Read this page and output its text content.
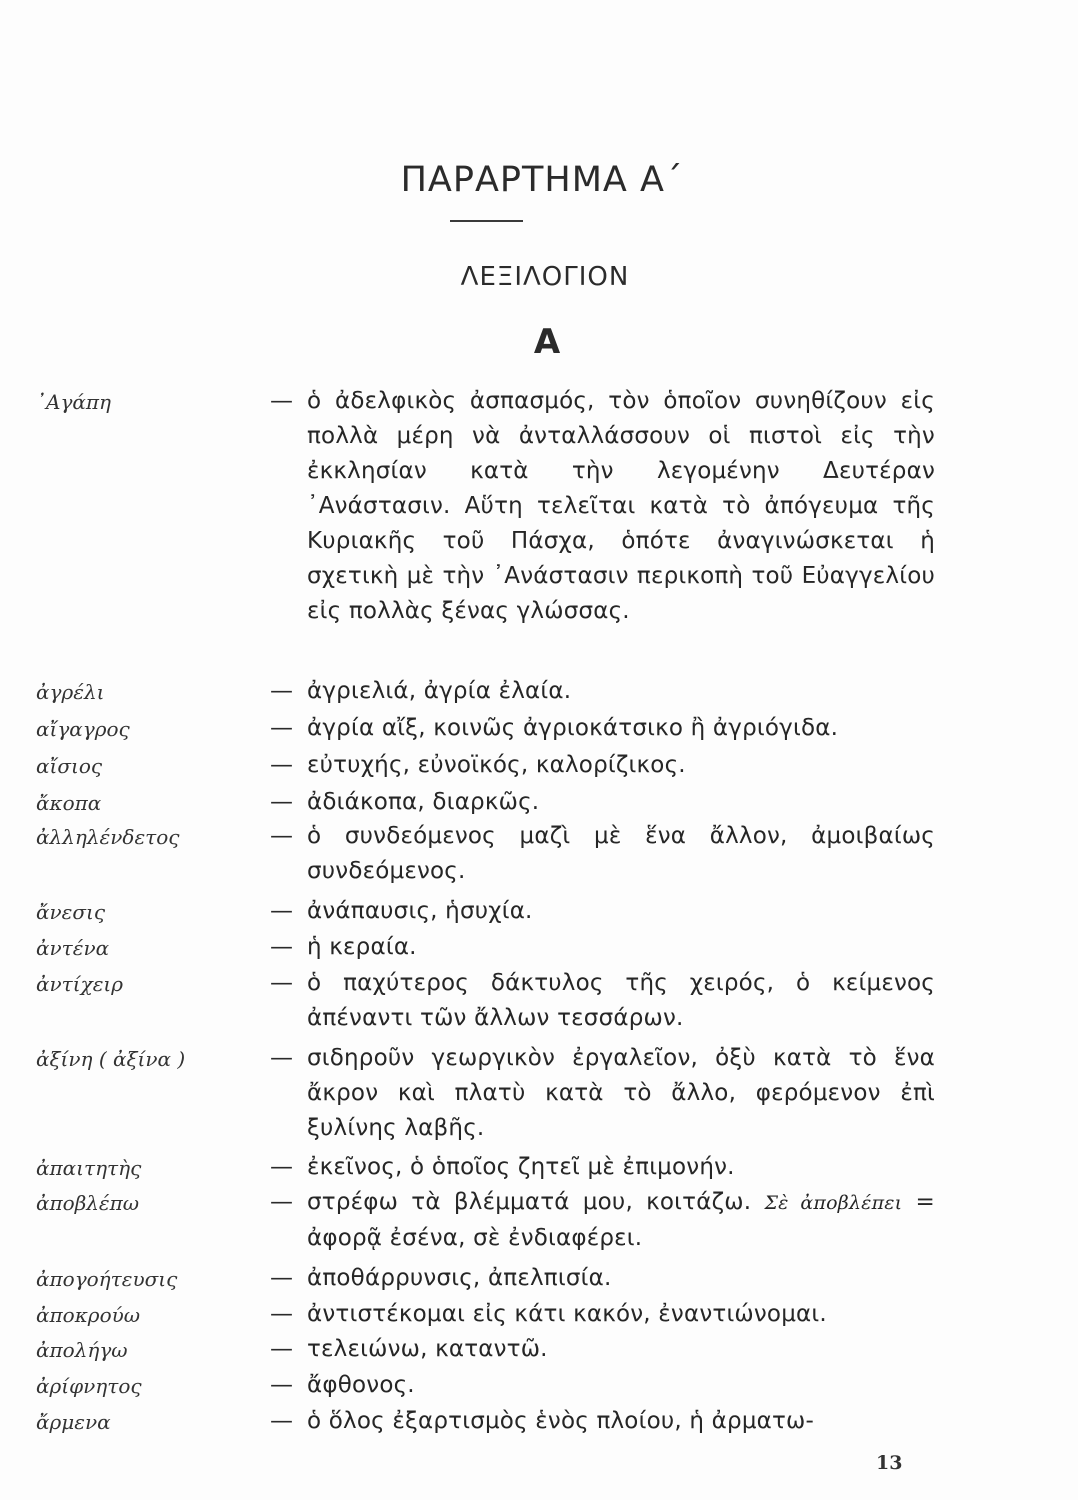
ΠΑΡΑΡΤΗΜΑ Α΄
ΛΕΞΙΛΟΓΙΟΝ
Α
᾿Αγάπη	— ὁ ἀδελφικὸς ἀσπασμός, τὸν ὁποῖον συνηθίζουν εἰς πολλὰ μέρη νὰ ἀνταλλάσσουν οἱ πιστοὶ εἰς τὴν ἐκκλησίαν κατὰ τὴν λεγομένην Δευτέραν ᾿Ανάστασιν. Αὕτη τελεῖται κατὰ τὸ ἀπόγευμα τῆς Κυριακῆς τοῦ Πάσχα, ὁπότε ἀναγινώσκεται ἡ σχετικὴ μὲ τὴν ᾿Ανάστασιν περικοπὴ τοῦ Εὐαγγελίου εἰς πολλὰς ξένας γλώσσας.
ἀγρέλι	— ἀγριελιά, ἀγρία ἐλαία.
αἴγαγρος	— ἀγρία αἴξ, κοινῶς ἀγριοκάτσικο ἢ ἀγριόγιδα.
αἴσιος	— εὐτυχής, εὐνοϊκός, καλορίζικος.
ἄκοπα	— ἀδιάκοπα, διαρκῶς.
ἀλληλένδετος	— ὁ συνδεόμενος μαζὶ μὲ ἕνα ἄλλον, ἀμοιβαίως συνδεόμενος.
ἄνεσις	— ἀνάπαυσις, ἡσυχία.
ἀντένα	— ἡ κεραία.
ἀντίχειρ	— ὁ παχύτερος δάκτυλος τῆς χειρός, ὁ κείμενος ἀπέναντι τῶν ἄλλων τεσσάρων.
ἀξίνη ( ἀξίνα )	— σιδηροῦν γεωργικὸν ἐργαλεῖον, ὀξὺ κατὰ τὸ ἕνα ἄκρον καὶ πλατὺ κατὰ τὸ ἄλλο, φερόμενον ἐπὶ ξυλίνης λαβῆς.
ἀπαιτητὴς	— ἐκεῖνος, ὁ ὁποῖος ζητεῖ μὲ ἐπιμονήν.
ἀποβλέπω	— στρέφω τὰ βλέμματά μου, κοιτάζω. Σὲ ἀποβλέπει = ἀφορᾷ ἐσένα, σὲ ἐνδιαφέρει.
ἀπογοήτευσις	— ἀποθάρρυνσις, ἀπελπισία.
ἀποκρούω	— ἀντιστέκομαι εἰς κάτι κακόν, ἐναντιώνομαι.
ἀπολήγω	— τελειώνω, καταντῶ.
ἀρίφνητος	— ἄφθονος.
ἄρμενα	— ὁ ὅλος ἐξαρτισμὸς ἑνὸς πλοίου, ἡ ἀρματω-
13
